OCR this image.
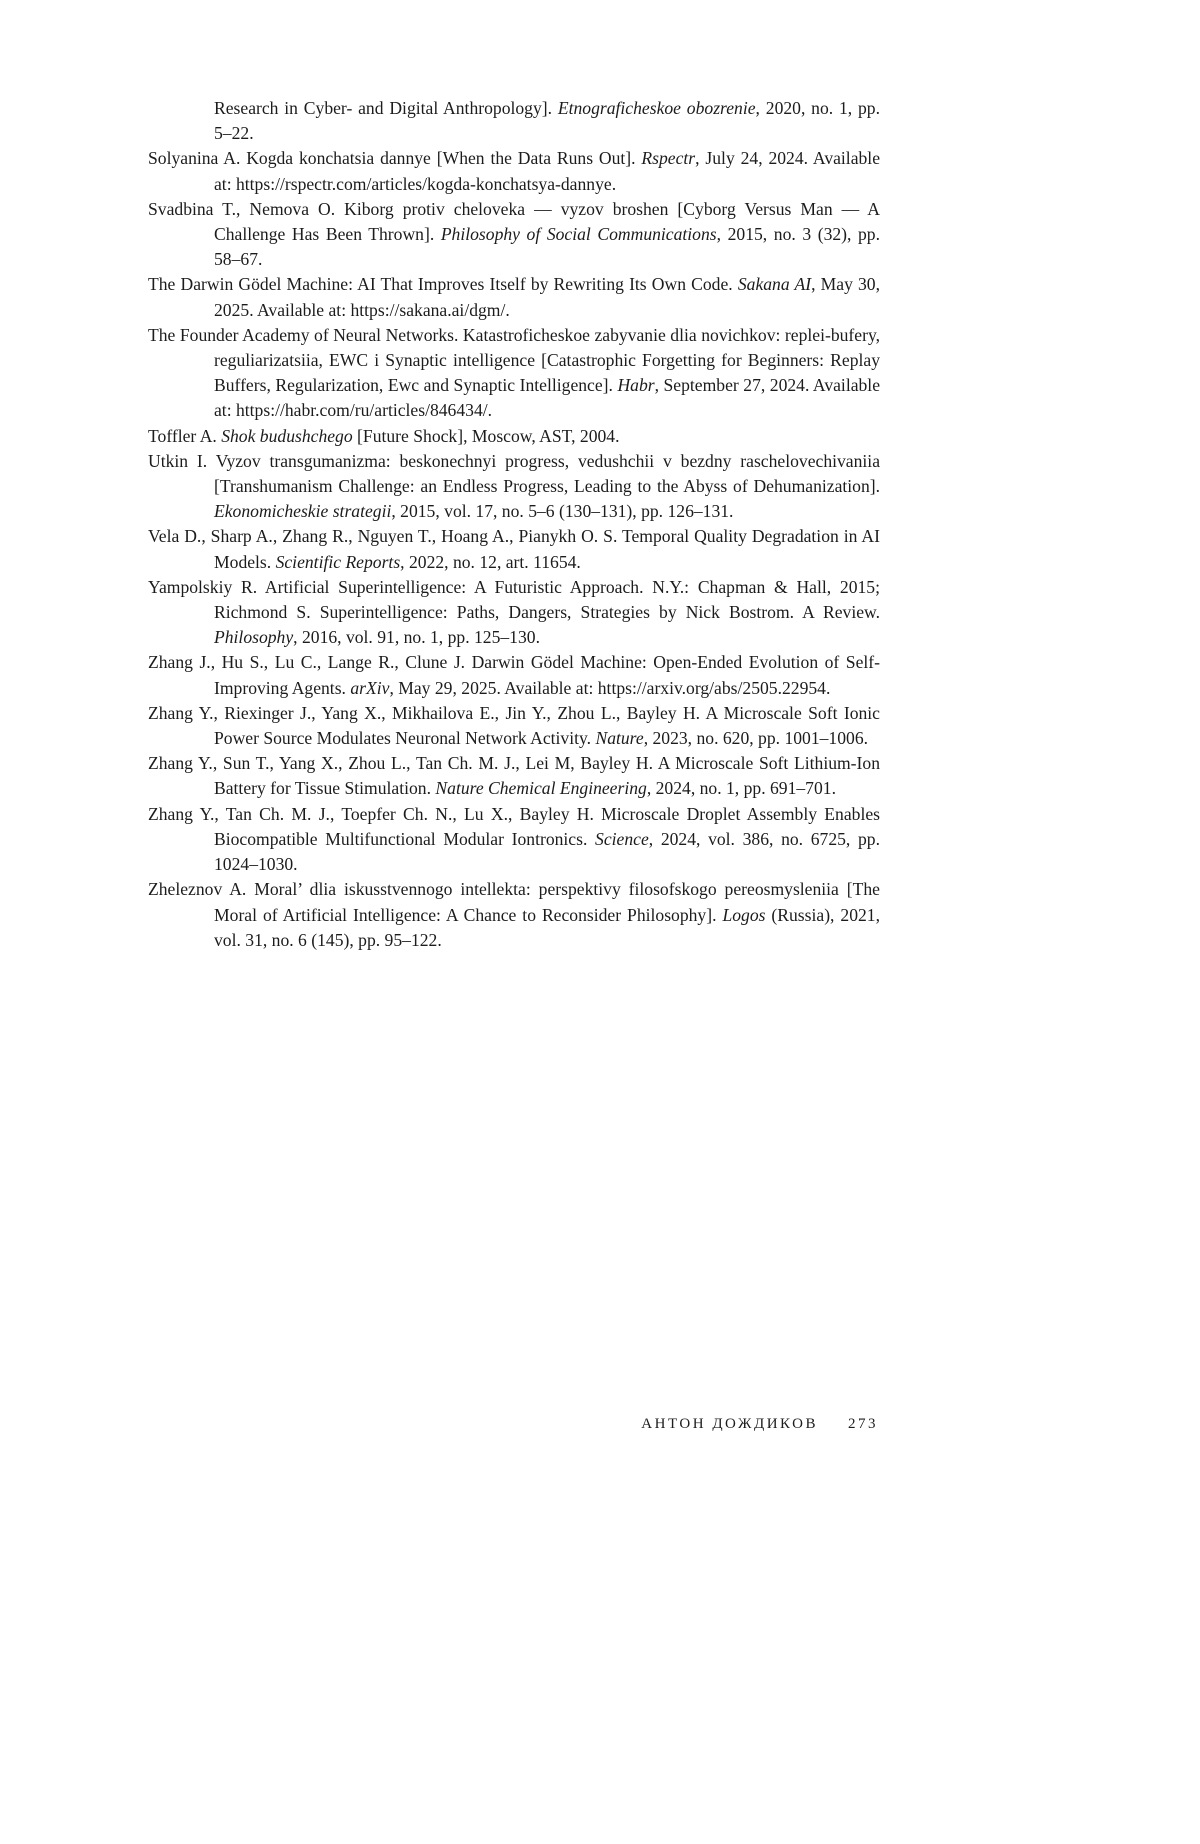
Research in Cyber- and Digital Anthropology]. Etnograficheskoe obozrenie, 2020, no. 1, pp. 5–22.

Solyanina A. Kogda konchatsia dannye [When the Data Runs Out]. Rspectr, July 24, 2024. Available at: https://rspectr.com/articles/kogda-konchatsya-dannye.

Svadbina T., Nemova O. Kiborg protiv cheloveka — vyzov broshen [Cyborg Versus Man — A Challenge Has Been Thrown]. Philosophy of Social Communications, 2015, no. 3 (32), pp. 58–67.

The Darwin Gödel Machine: AI That Improves Itself by Rewriting Its Own Code. Sakana AI, May 30, 2025. Available at: https://sakana.ai/dgm/.

The Founder Academy of Neural Networks. Katastroficheskoe zabyvanie dlia novichkov: replei-bufery, reguliarizatsiia, EWC i Synaptic intelligence [Catastrophic Forgetting for Beginners: Replay Buffers, Regularization, Ewc and Synaptic Intelligence]. Habr, September 27, 2024. Available at: https://habr.com/ru/articles/846434/.

Toffler A. Shok budushchego [Future Shock], Moscow, AST, 2004.

Utkin I. Vyzov transgumanizma: beskonechnyi progress, vedushchii v bezdny raschelovechivaniia [Transhumanism Challenge: an Endless Progress, Leading to the Abyss of Dehumanization]. Ekonomicheskie strategii, 2015, vol. 17, no. 5–6 (130–131), pp. 126–131.

Vela D., Sharp A., Zhang R., Nguyen T., Hoang A., Pianykh O. S. Temporal Quality Degradation in AI Models. Scientific Reports, 2022, no. 12, art. 11654.

Yampolskiy R. Artificial Superintelligence: A Futuristic Approach. N.Y.: Chapman & Hall, 2015; Richmond S. Superintelligence: Paths, Dangers, Strategies by Nick Bostrom. A Review. Philosophy, 2016, vol. 91, no. 1, pp. 125–130.

Zhang J., Hu S., Lu C., Lange R., Clune J. Darwin Gödel Machine: Open-Ended Evolution of Self-Improving Agents. arXiv, May 29, 2025. Available at: https://arxiv.org/abs/2505.22954.

Zhang Y., Riexinger J., Yang X., Mikhailova E., Jin Y., Zhou L., Bayley H. A Microscale Soft Ionic Power Source Modulates Neuronal Network Activity. Nature, 2023, no. 620, pp. 1001–1006.

Zhang Y., Sun T., Yang X., Zhou L., Tan Ch. M. J., Lei M, Bayley H. A Microscale Soft Lithium-Ion Battery for Tissue Stimulation. Nature Chemical Engineering, 2024, no. 1, pp. 691–701.

Zhang Y., Tan Ch. M. J., Toepfer Ch. N., Lu X., Bayley H. Microscale Droplet Assembly Enables Biocompatible Multifunctional Modular Iontronics. Science, 2024, vol. 386, no. 6725, pp. 1024–1030.

Zheleznov A. Moral’ dlia iskusstvennogo intellekta: perspektivy filosofskogo pereosmysleniia [The Moral of Artificial Intelligence: A Chance to Reconsider Philosophy]. Logos (Russia), 2021, vol. 31, no. 6 (145), pp. 95–122.

АНТОН ДОЖДИКОВ 273
